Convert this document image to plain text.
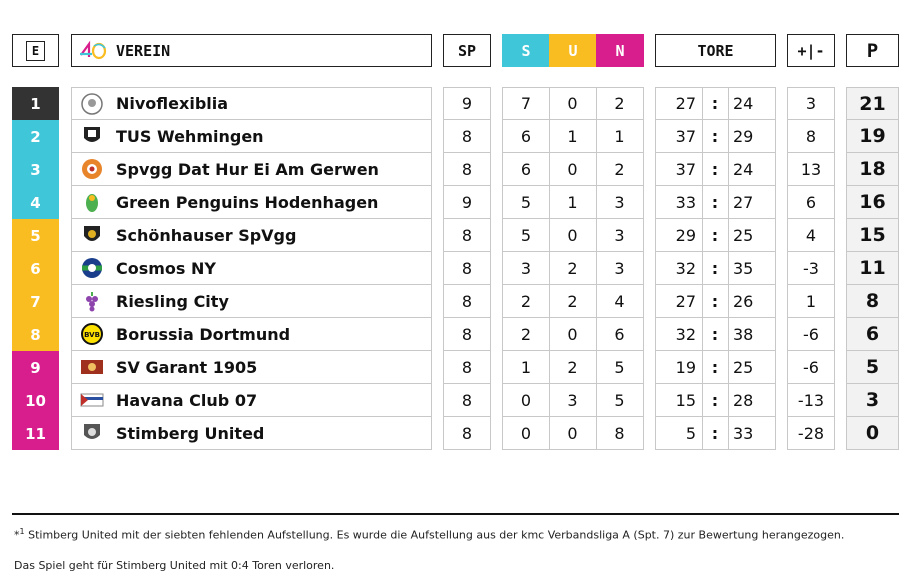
E	VEREIN	SP	S	U	N	TORE	+|-	P
1	Nivoflexiblia	9	7	0	2	27 : 24	3	21
2	TUS Wehmingen	8	6	1	1	37 : 29	8	19
3	Spvgg Dat Hur Ei Am Gerwen	8	6	0	2	37 : 24	13	18
4	Green Penguins Hodenhagen	9	5	1	3	33 : 27	6	16
5	Schönhauser SpVgg	8	5	0	3	29 : 25	4	15
6	Cosmos NY	8	3	2	3	32 : 35	-3	11
7	Riesling City	8	2	2	4	27 : 26	1	8
8	BVB Borussia Dortmund	8	2	0	6	32 : 38	-6	6
9	SV Garant 1905	8	1	2	5	19 : 25	-6	5
10	Havana Club 07	8	0	3	5	15 : 28	-13	3
11	Stimberg United	8	0	0	8	5 : 33	-28	0
*$^1$ Stimberg United mit der siebten fehlenden Aufstellung. Es wurde die Aufstellung aus der kmc Verbandsliga A (Spt. 7) zur Bewertung herangezogen.
Das Spiel geht für Stimberg United mit 0:4 Toren verloren.
